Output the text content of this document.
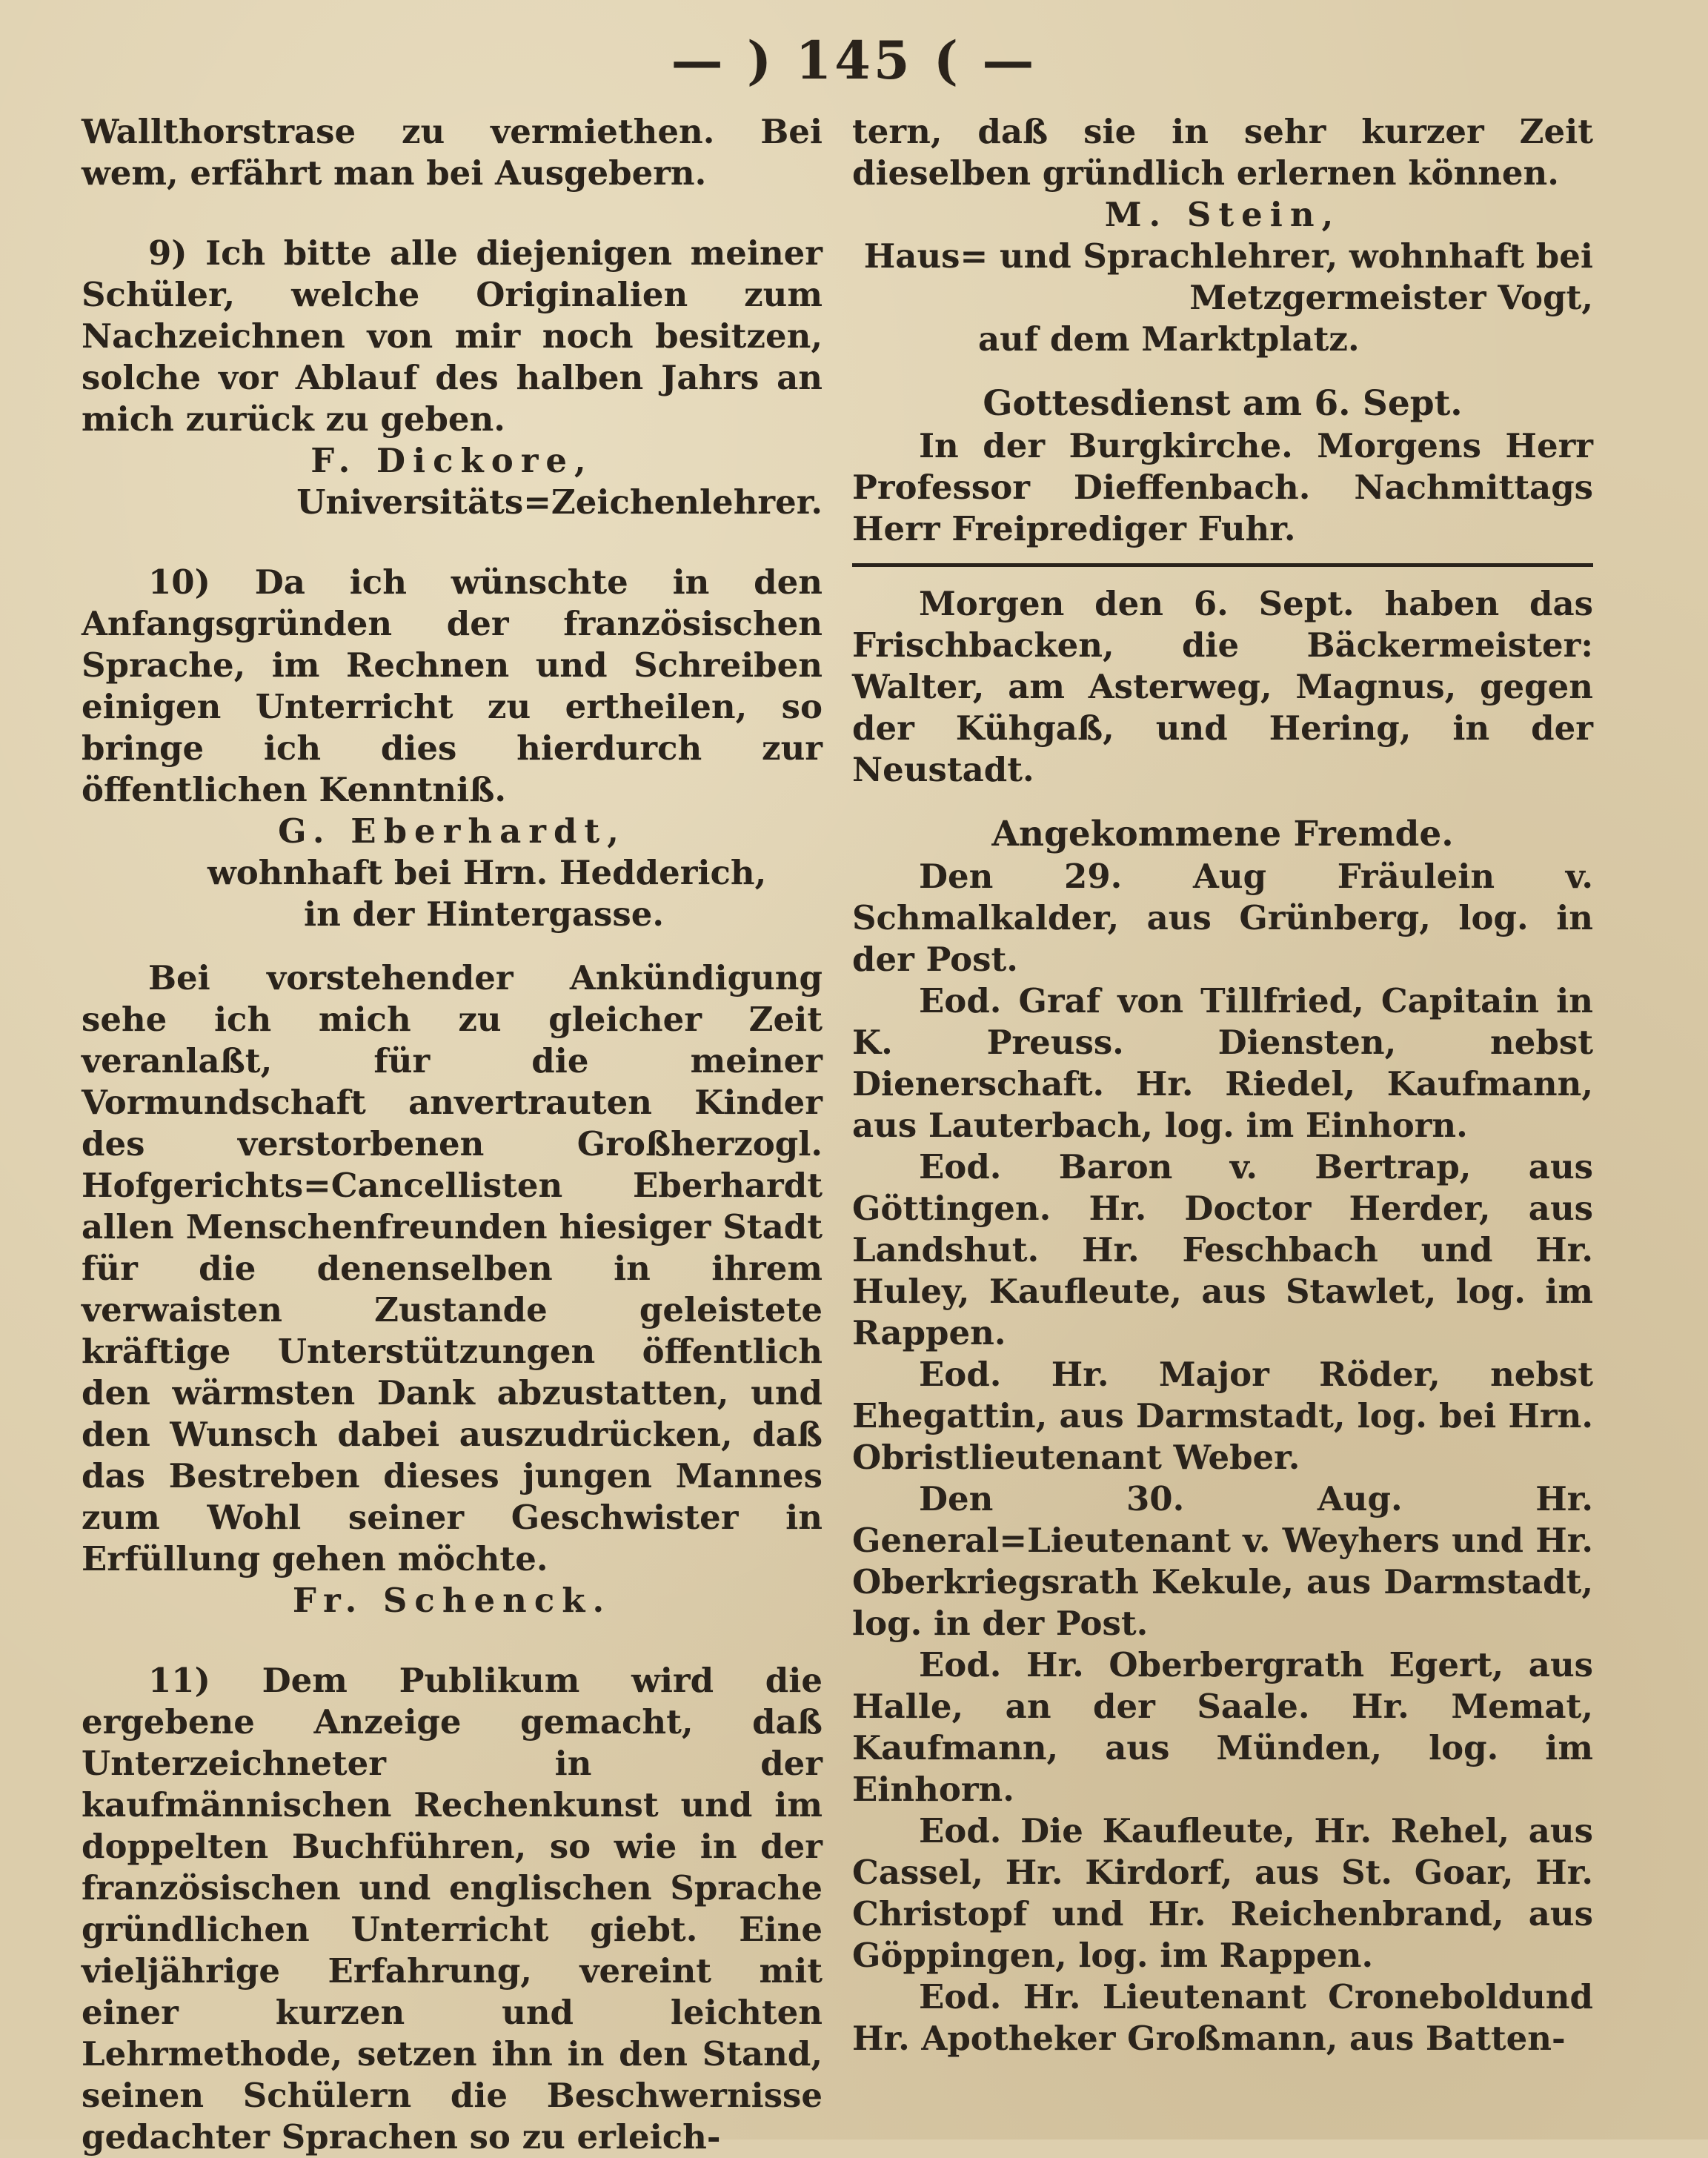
— ) 145 ( —

Wallthorstrase zu vermiethen. Bei wem, erfährt man bei Ausgebern.

9) Ich bitte alle diejenigen meiner Schüler, welche Originalien zum Nachzeichnen von mir noch besitzen, solche vor Ablauf des halben Jahrs an mich zurück zu geben.

F. Dickore,
Universitäts=Zeichenlehrer.

10) Da ich wünschte in den Anfangsgründen der französischen Sprache, im Rechnen und Schreiben einigen Unterricht zu ertheilen, so bringe ich dies hierdurch zur öffentlichen Kenntniß.

G. Eberhardt,
wohnhaft bei Hrn. Hedderich,
in der Hintergasse.

Bei vorstehender Ankündigung sehe ich mich zu gleicher Zeit veranlaßt, für die meiner Vormundschaft anvertrauten Kinder des verstorbenen Großherzogl. Hofgerichts=Cancellisten Eberhardt allen Menschenfreunden hiesiger Stadt für die denenselben in ihrem verwaisten Zustande geleistete kräftige Unterstützungen öffentlich den wärmsten Dank abzustatten, und den Wunsch dabei auszudrücken, daß das Bestreben dieses jungen Mannes zum Wohl seiner Geschwister in Erfüllung gehen möchte.

Fr. Schenck.

11) Dem Publikum wird die ergebene Anzeige gemacht, daß Unterzeichneter in der kaufmännischen Rechenkunst und im doppelten Buchführen, so wie in der französischen und englischen Sprache gründlichen Unterricht giebt. Eine vieljährige Erfahrung, vereint mit einer kurzen und leichten Lehrmethode, setzen ihn in den Stand, seinen Schülern die Beschwernisse gedachter Sprachen so zu erleich-

tern, daß sie in sehr kurzer Zeit dieselben gründlich erlernen können.

M. Stein,
Haus= und Sprachlehrer, wohnhaft bei Metzgermeister Vogt,
auf dem Marktplatz.
Gottesdienst am 6. Sept.

In der Burgkirche. Morgens Herr Professor Dieffenbach. Nachmittags Herr Freiprediger Fuhr.

Morgen den 6. Sept. haben das Frischbacken, die Bäckermeister: Walter, am Asterweg, Magnus, gegen der Kühgaß, und Hering, in der Neustadt.

Angekommene Fremde.

Den 29. Aug Fräulein v. Schmalkalder, aus Grünberg, log. in der Post.

Eod. Graf von Tillfried, Capitain in K. Preuss. Diensten, nebst Dienerschaft. Hr. Riedel, Kaufmann, aus Lauterbach, log. im Einhorn.

Eod. Baron v. Bertrap, aus Göttingen. Hr. Doctor Herder, aus Landshut. Hr. Feschbach und Hr. Huley, Kaufleute, aus Stawlet, log. im Rappen.

Eod. Hr. Major Röder, nebst Ehegattin, aus Darmstadt, log. bei Hrn. Obristlieutenant Weber.

Den 30. Aug. Hr. General=Lieutenant v. Weyhers und Hr. Oberkriegsrath Kekule, aus Darmstadt, log. in der Post.

Eod. Hr. Oberbergrath Egert, aus Halle, an der Saale. Hr. Memat, Kaufmann, aus Münden, log. im Einhorn.

Eod. Die Kaufleute, Hr. Rehel, aus Cassel, Hr. Kirdorf, aus St. Goar, Hr. Christopf und Hr. Reichenbrand, aus Göppingen, log. im Rappen.

Eod. Hr. Lieutenant Croneboldund Hr. Apotheker Großmann, aus Batten-
